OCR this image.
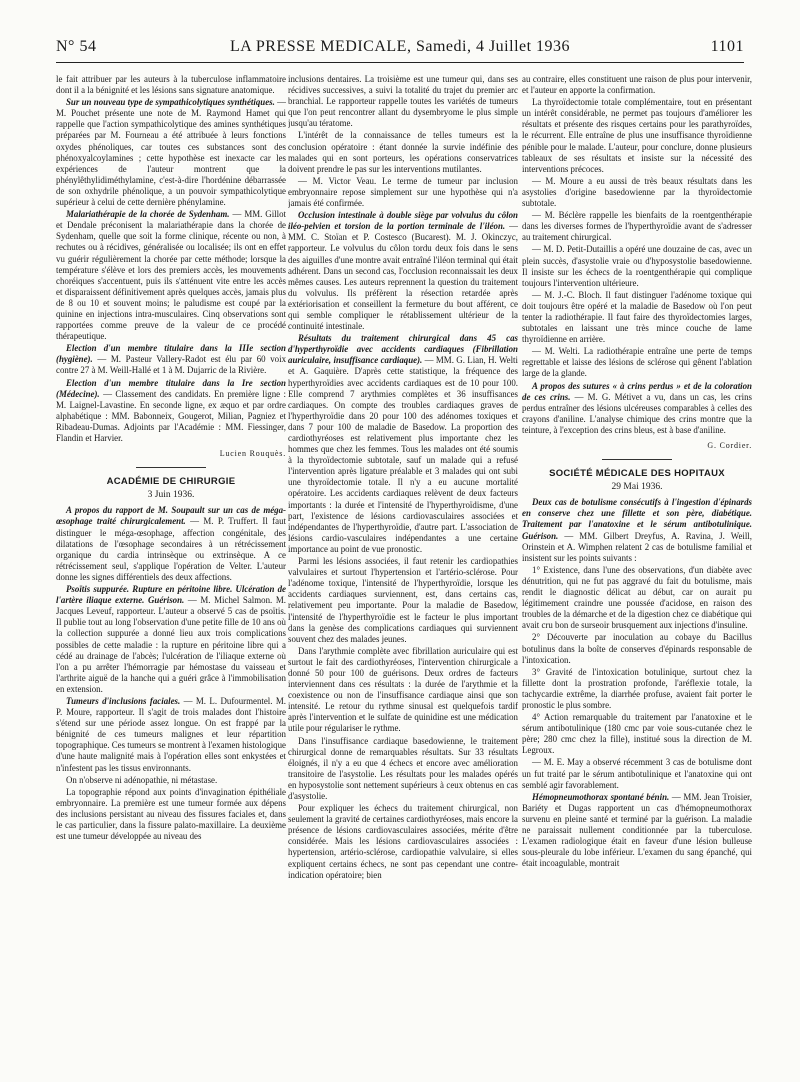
N° 54	LA PRESSE MEDICALE, Samedi, 4 Juillet 1936	1101

le fait attribuer par les auteurs à la tuberculose inflammatoire dont il a la bénignité et les lésions sans signature anatomique.

Sur un nouveau type de sympathicolytiques synthétiques. — M. Pouchet présente une note de M. Raymond Hamet qui rappelle que l'action sympathicolytique des amines synthétiques préparées par M. Fourneau a été attribuée à leurs fonctions oxydes phénoliques, car toutes ces substances sont des phénoxyalcoylamines ; cette hypothèse est inexacte car les expériences de l'auteur montrent que la phénylêthylidiméthylamine, c'est-à-dire l'hordénine débarrassée de son oxhydrile phénolique, a un pouvoir sympathicolytique supérieur à celui de cette dernière phénylamine.

Malariathérapie de la chorée de Sydenham. — MM. Gillot et Dendale préconisent la malariathérapie dans la chorée de Sydenham, quelle que soit la forme clinique, récente ou non, à rechutes ou à récidives, généralisée ou localisée; ils ont en effet vu guérir régulièrement la chorée par cette méthode; lorsque la température s'élève et lors des premiers accès, les mouvements choréiques s'accentuent, puis ils s'atténuent vite entre les accès et disparaissent définitivement après quelques accès, jamais plus de 8 ou 10 et souvent moins; le paludisme est coupé par la quinine en injections intra-musculaires. Cinq observations sont rapportées comme preuve de la valeur de ce procédé thérapeutique.

Election d'un membre titulaire dans la IIIe section (hygiène). — M. Pasteur Vallery-Radot est élu par 60 voix contre 27 à M. Weill-Hallé et 1 à M. Dujarric de la Rivière.

Election d'un membre titulaire dans la Ire section (Médecine). — Classement des candidats. En première ligne : M. Laignel-Lavastine. En seconde ligne, ex æquo et par ordre alphabétique : MM. Babonneix, Gougerot, Milian, Pagniez et Ribadeau-Dumas. Adjoints par l'Académie : MM. Fiessinger, Flandin et Harvier.

Lucien Rouquès.
ACADÉMIE DE CHIRURGIE
3 Juin 1936.

A propos du rapport de M. Soupault sur un cas de méga-œsophage traité chirurgicalement. — M. P. Truffert. Il faut distinguer le méga-œsophage, affection congénitale, des dilatations de l'œsophage secondaires à un rétrécissement organique du cardia intrinsèque ou extrinsèque. A ce rétrécissement seul, s'applique l'opération de Velter. L'auteur donne les signes différentiels des deux affections.

Psoïtis suppurée. Rupture en péritoine libre. Ulcération de l'artère iliaque externe. Guérison. — M. Michel Salmon. M. Jacques Leveuf, rapporteur. L'auteur a observé 5 cas de psoïtis. Il publie tout au long l'observation d'une petite fille de 10 ans où la collection suppurée a donné lieu aux trois complications possibles de cette maladie : la rupture en péritoine libre qui a cédé au drainage de l'abcès; l'ulcération de l'iliaque externe où l'on a pu arrêter l'hémorragie par hémostase du vaisseau et l'arthrite aiguë de la hanche qui a guéri grâce à l'immobilisation en extension.

Tumeurs d'inclusions faciales. — M. L. Dufourmentel. M. P. Moure, rapporteur. Il s'agit de trois malades dont l'histoire s'étend sur une période assez longue. On est frappé par la bénignité de ces tumeurs malignes et leur répartition topographique. Ces tumeurs se montrent à l'examen histologique d'une haute malignité mais à l'opération elles sont enkystées et n'infestent pas les tissus environnants.

On n'observe ni adénopathie, ni métastase.

La topographie répond aux points d'invagination épithéliale embryonnaire. La première est une tumeur formée aux dépens des inclusions persistant au niveau des fissures faciales et, dans le cas particulier, dans la fissure palato-maxillaire. La deuxième est une tumeur développée au niveau des

inclusions dentaires. La troisième est une tumeur qui, dans ses récidives successives, a suivi la totalité du trajet du premier arc branchial. Le rapporteur rappelle toutes les variétés de tumeurs que l'on peut rencontrer allant du dysembryome le plus simple jusqu'au tératome.

L'intérêt de la connaissance de telles tumeurs est la conclusion opératoire : étant donnée la survie indéfinie des malades qui en sont porteurs, les opérations conservatrices doivent prendre le pas sur les interventions mutilantes.

— M. Victor Veau. Le terme de tumeur par inclusion embryonnaire repose simplement sur une hypothèse qui n'a jamais été confirmée.

Occlusion intestinale à double siège par volvulus du côlon iléo-pelvien et torsion de la portion terminale de l'iléon. — MM. C. Stoïan et P. Costesco (Bucarest). M. J. Okinczyc, rapporteur. Le volvulus du côlon tordu deux fois dans le sens des aiguilles d'une montre avait entraîné l'iléon terminal qui était adhérent. Dans un second cas, l'occlusion reconnaissait les deux mêmes causes. Les auteurs reprennent la question du traitement du volvulus. Ils préfèrent la résection retardée après extériorisation et conseillent la fermeture du bout afférent, ce qui semble compliquer le rétablissement ultérieur de la continuité intestinale.

Résultats du traitement chirurgical dans 45 cas d'hyperthyroïdie avec accidents cardiaques (Fibrillation auriculaire, insuffisance cardiaque). — MM. G. Lian, H. Welti et A. Gaquière. D'après cette statistique, la fréquence des hyperthyroïdies avec accidents cardiaques est de 10 pour 100. Elle comprend 7 arythmies complètes et 36 insuffisances cardiaques. On compte des troubles cardiaques graves de l'hyperthyroïdie dans 20 pour 100 des adénomes toxiques et dans 7 pour 100 de maladie de Basedow. La proportion des cardiothyréoses est relativement plus importante chez les hommes que chez les femmes. Tous les malades ont été soumis à la thyroïdectomie subtotale, sauf un malade qui a refusé l'intervention après ligature préalable et 3 malades qui ont subi une thyroïdectomie totale. Il n'y a eu aucune mortalité opératoire. Les accidents cardiaques relèvent de deux facteurs importants : la durée et l'intensité de l'hyperthyroïdisme, d'une part, l'existence de lésions cardiovasculaires associées et indépendantes de l'hyperthyroïdie, d'autre part. L'association de lésions cardio-vasculaires indépendantes a une certaine importance au point de vue pronostic.

Parmi les lésions associées, il faut retenir les cardiopathies valvulaires et surtout l'hypertension et l'artério-sclérose. Pour l'adénome toxique, l'intensité de l'hyperthyroïdie, lorsque les accidents cardiaques surviennent, est, dans certains cas, relativement peu importante. Pour la maladie de Basedow, l'intensité de l'hyperthyroïdie est le facteur le plus important dans la genèse des complications cardiaques qui surviennent souvent chez des malades jeunes.

Dans l'arythmie complète avec fibrillation auriculaire qui est surtout le fait des cardiothyréoses, l'intervention chirurgicale a donné 50 pour 100 de guérisons. Deux ordres de facteurs interviennent dans ces résultats : la durée de l'arythmie et la coexistence ou non de l'insuffisance cardiaque ainsi que son intensité. Le retour du rythme sinusal est quelquefois tardif après l'intervention et le sulfate de quinidine est une médication utile pour régulariser le rythme.

Dans l'insuffisance cardiaque basedowienne, le traitement chirurgical donne de remarquables résultats. Sur 33 résultats éloignés, il n'y a eu que 4 échecs et encore avec amélioration transitoire de l'asystolie. Les résultats pour les malades opérés en hyposystolie sont nettement supérieurs à ceux obtenus en cas d'asystolie.

Pour expliquer les échecs du traitement chirurgical, non seulement la gravité de certaines cardiothyréoses, mais encore la présence de lésions cardiovasculaires associées, mérite d'être considérée. Mais les lésions cardiovasculaires associées : hypertension, artério-sclérose, cardiopathie valvulaire, si elles expliquent certains échecs, ne sont pas cependant une contre-indication opératoire; bien

au contraire, elles constituent une raison de plus pour intervenir, et l'auteur en apporte la confirmation.

La thyroïdectomie totale complémentaire, tout en présentant un intérêt considérable, ne permet pas toujours d'améliorer les résultats et présente des risques certains pour les parathyroïdes, le récurrent. Elle entraîne de plus une insuffisance thyroïdienne pénible pour le malade. L'auteur, pour conclure, donne plusieurs tableaux de ses résultats et insiste sur la nécessité des interventions précoces.

— M. Moure a eu aussi de très beaux résultats dans les asystolies d'origine basedowienne par la thyroïdectomie subtotale.

— M. Béclère rappelle les bienfaits de la roentgenthérapie dans les diverses formes de l'hyperthyroïdie avant de s'adresser au traitement chirurgical.

— M. D. Petit-Dutaillis a opéré une douzaine de cas, avec un plein succès, d'asystolie vraie ou d'hyposystolie basedowienne. Il insiste sur les échecs de la roentgenthérapie qui complique toujours l'intervention ultérieure.

— M. J.-C. Bloch. Il faut distinguer l'adénome toxique qui doit toujours être opéré et la maladie de Basedow où l'on peut tenter la radiothérapie. Il faut faire des thyroïdectomies larges, subtotales en laissant une très mince couche de lame thyroïdienne en arrière.

— M. Welti. La radiothérapie entraîne une perte de temps regrettable et laisse des lésions de sclérose qui gênent l'ablation large de la glande.

A propos des sutures « à crins perdus » et de la coloration de ces crins. — M. G. Métivet a vu, dans un cas, les crins perdus entraîner des lésions ulcéreuses comparables à celles des crayons d'aniline. L'analyse chimique des crins montre que la teinture, à l'exception des crins bleus, est à base d'aniline.

G. Cordier.
SOCIÉTÉ MÉDICALE DES HOPITAUX
29 Mai 1936.

Deux cas de botulisme consécutifs à l'ingestion d'épinards en conserve chez une fillette et son père, diabétique. Traitement par l'anatoxine et le sérum antibotulinique. Guérison. — MM. Gilbert Dreyfus, A. Ravina, J. Weill, Orinstein et A. Wimphen relatent 2 cas de botulisme familial et insistent sur les points suivants :

1° Existence, dans l'une des observations, d'un diabète avec dénutrition, qui ne fut pas aggravé du fait du botulisme, mais rendit le diagnostic délicat au début, car on aurait pu légitimement craindre une poussée d'acidose, en raison des troubles de la démarche et de la digestion chez ce diabétique qui avait cru bon de surseoir brusquement aux injections d'insuline.

2° Découverte par inoculation au cobaye du Bacillus botulinus dans la boîte de conserves d'épinards responsable de l'intoxication.

3° Gravité de l'intoxication botulinique, surtout chez la fillette dont la prostration profonde, l'aréflexie totale, la tachycardie extrême, la diarrhée profuse, avaient fait porter le pronostic le plus sombre.

4° Action remarquable du traitement par l'anatoxine et le sérum antibotulinique (180 cmc par voie sous-cutanée chez le père; 280 cmc chez la fille), institué sous la direction de M. Legroux.

— M. E. May a observé récemment 3 cas de botulisme dont un fut traité par le sérum antibotulinique et l'anatoxine qui ont semblé agir favorablement.

Hémopneumothorax spontané bénin. — MM. Jean Troisier, Bariéty et Dugas rapportent un cas d'hémopneumothorax survenu en pleine santé et terminé par la guérison. La maladie ne paraissait nullement conditionnée par la tuberculose. L'examen radiologique était en faveur d'une lésion bulleuse sous-pleurale du lobe inférieur. L'examen du sang épanché, qui était incoagulable, montrait
